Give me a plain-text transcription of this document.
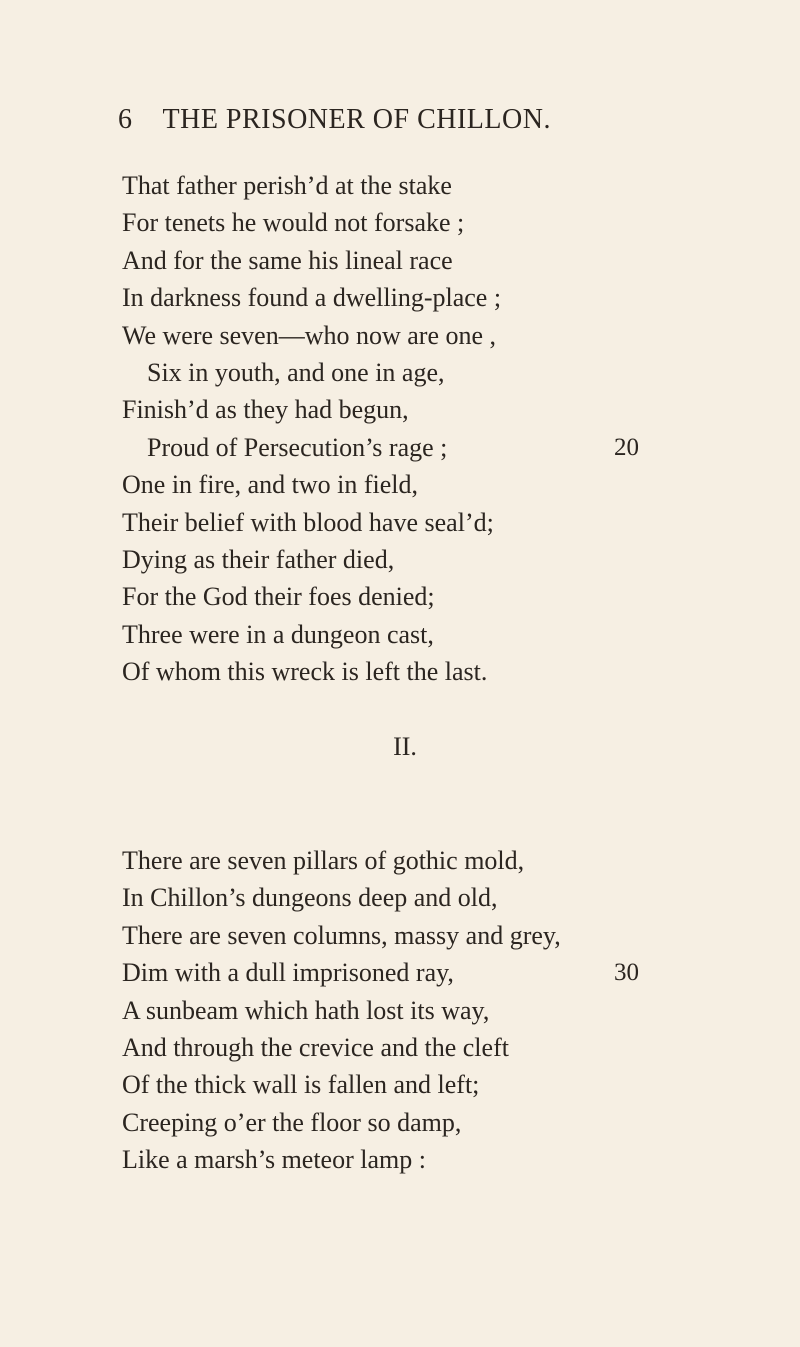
6 THE PRISONER OF CHILLON.
That father perish’d at the stake
For tenets he would not forsake ;
And for the same his lineal race
In darkness found a dwelling-place ;
We were seven—who now are one ,
Six in youth, and one in age,
Finish’d as they had begun,
Proud of Persecution’s rage ;	20
One in fire, and two in field,
Their belief with blood have seal’d;
Dying as their father died,
For the God their foes denied;
Three were in a dungeon cast,
Of whom this wreck is left the last.
II.
There are seven pillars of gothic mold,
In Chillon’s dungeons deep and old,
There are seven columns, massy and grey,
Dim with a dull imprisoned ray,	30
A sunbeam which hath lost its way,
And through the crevice and the cleft
Of the thick wall is fallen and left;
Creeping o’er the floor so damp,
Like a marsh’s meteor lamp :
